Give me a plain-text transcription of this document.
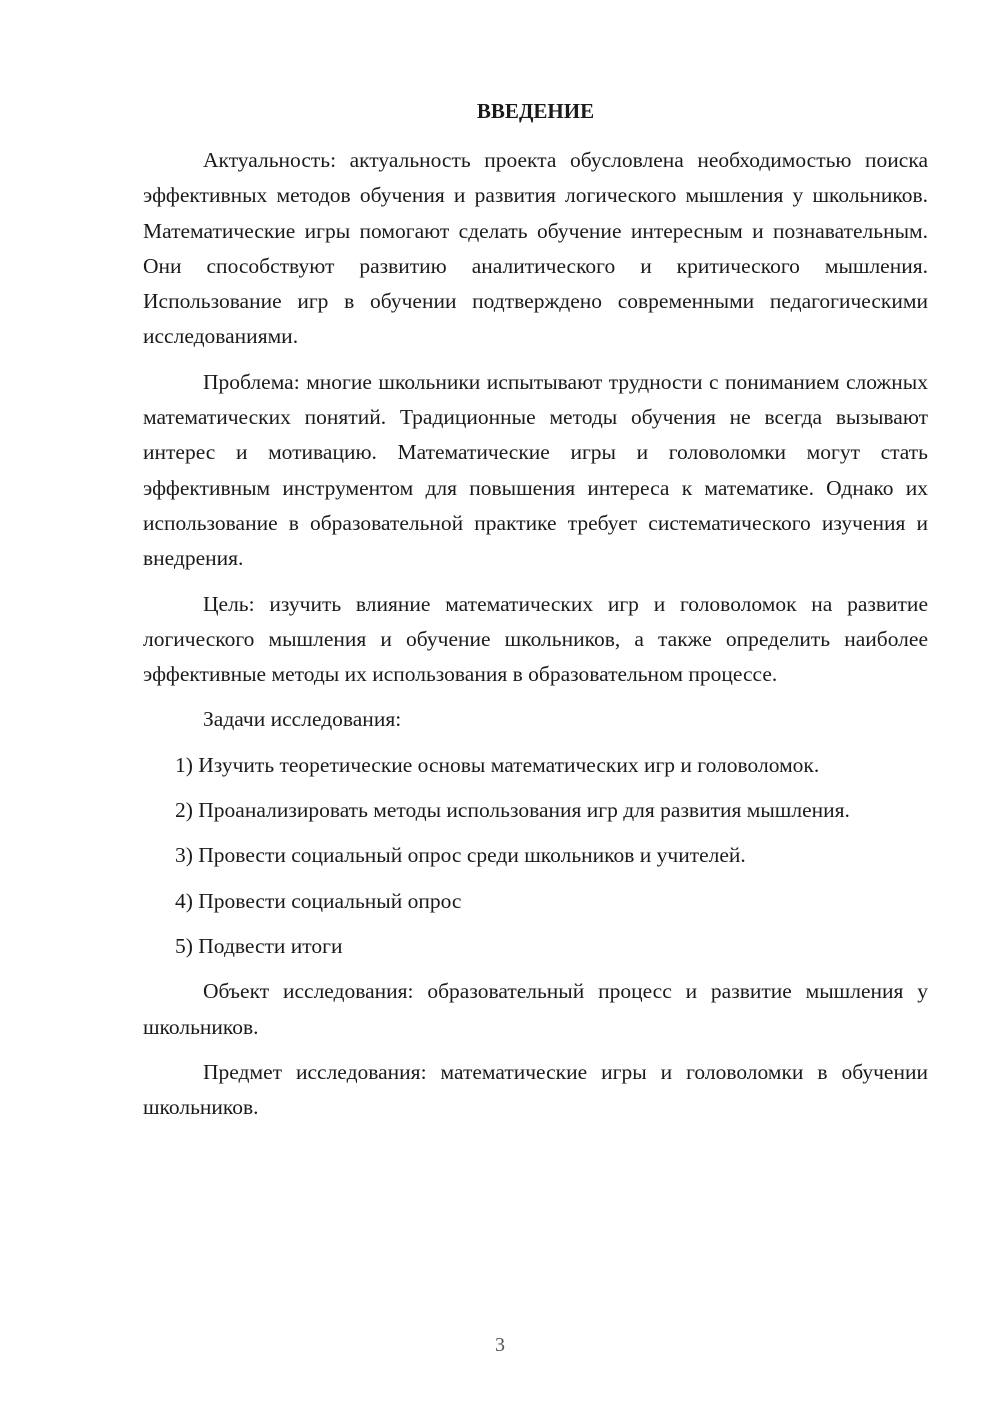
ВВЕДЕНИЕ

Актуальность: актуальность проекта обусловлена необходимостью поиска эффективных методов обучения и развития логического мышления у школьников. Математические игры помогают сделать обучение интересным и познавательным. Они способствуют развитию аналитического и критического мышления. Использование игр в обучении подтверждено современными педагогическими исследованиями.

Проблема: многие школьники испытывают трудности с пониманием сложных математических понятий. Традиционные методы обучения не всегда вызывают интерес и мотивацию. Математические игры и головоломки могут стать эффективным инструментом для повышения интереса к математике. Однако их использование в образовательной практике требует систематического изучения и внедрения.

Цель: изучить влияние математических игр и головоломок на развитие логического мышления и обучение школьников, а также определить наиболее эффективные методы их использования в образовательном процессе.

Задачи исследования:

1) Изучить теоретические основы математических игр и головоломок.

2) Проанализировать методы использования игр для развития мышления.

3) Провести социальный опрос среди школьников и учителей.

4) Провести социальный опрос

5) Подвести итоги

Объект исследования: образовательный процесс и развитие мышления у школьников.

Предмет исследования: математические игры и головоломки в обучении школьников.

3
